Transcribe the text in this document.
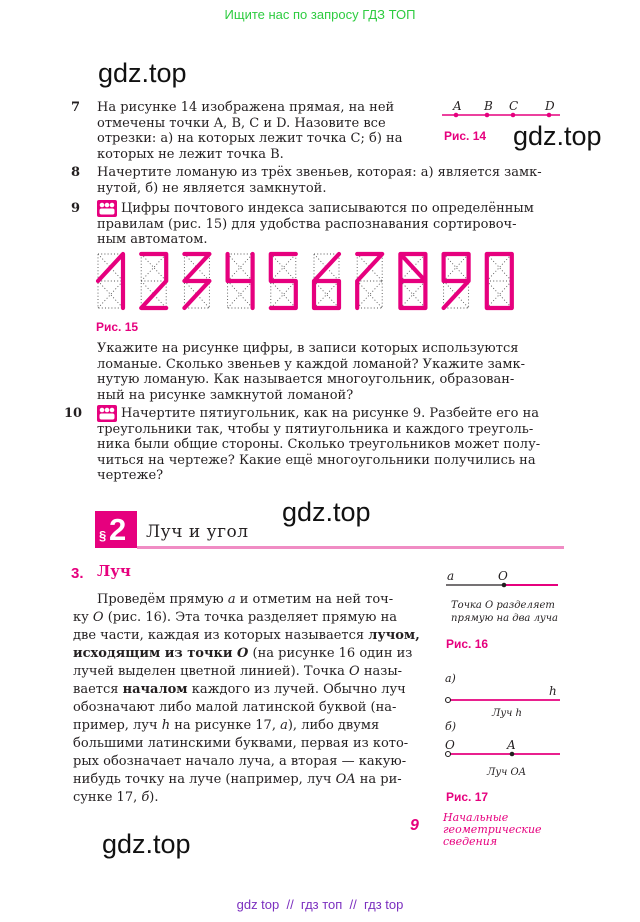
Ищите нас по запросу ГДЗ ТОП
gdz.top
gdz.top
gdz.top
gdz.top
A B C D
Рис. 14
7 На рисунке 14 изображена прямая, на ней
отмечены точки A, B, C и D. Назовите все
отрезки: а) на которых лежит точка C; б) на
которых не лежит точка B.
8 Начертите ломаную из трёх звеньев, которая: а) является замк-
нутой, б) не является замкнутой.
9	Цифры почтового индекса записываются по определённым
правилам (рис. 15) для удобства распознавания сортировоч-
ным автоматом.
Рис. 15
Укажите на рисунке цифры, в записи которых используются
ломаные. Сколько звеньев у каждой ломаной? Укажите замк-
нутую ломаную. Как называется многоугольник, образован-
ный на рисунке замкнутой ломаной?
10	Начертите пятиугольник, как на рисунке 9. Разбейте его на
треугольники так, чтобы у пятиугольника и каждого треуголь-
ника были общие стороны. Сколько треугольников может полу-
читься на чертеже? Какие ещё многоугольники получились на
чертеже?
§ 2 Луч и угол
3. Луч
Проведём прямую a и отметим на ней точ-
ку O (рис. 16). Эта точка разделяет прямую на
две части, каждая из которых называется лучом,
исходящим из точки O (на рисунке 16 один из
лучей выделен цветной линией). Точка O назы-
вается началом каждого из лучей. Обычно луч
обозначают либо малой латинской буквой (на-
пример, луч h на рисунке 17, а), либо двумя
большими латинскими буквами, первая из кото-
рых обозначает начало луча, а вторая — какую-
нибудь точку на луче (например, луч OA на ри-
сунке 17, б).
a	O
Точка O разделяет
прямую на два луча
Рис. 16
а)
h
Луч h
б)
O	A
Луч OA
Рис. 17
9 Начальные
геометрические
сведения
gdz top  //  гдз топ  //  гдз top
